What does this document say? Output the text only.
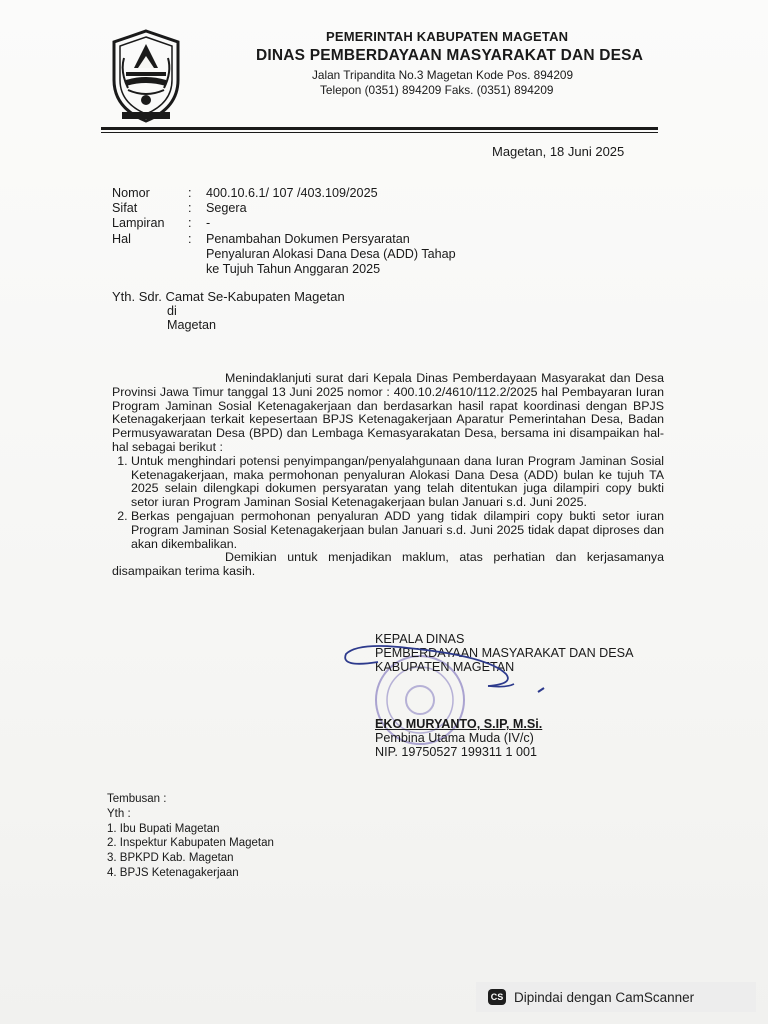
PEMERINTAH KABUPATEN MAGETAN
DINAS PEMBERDAYAAN MASYARAKAT DAN DESA
Jalan Tripandita No.3 Magetan Kode Pos. 894209
Telepon (0351) 894209 Faks. (0351) 894209
Magetan, 18 Juni 2025
Nomor	:	400.10.6.1/ 107 /403.109/2025
Sifat	:	Segera
Lampiran	:	-
Hal	:	Penambahan Dokumen Persyaratan
		Penyaluran Alokasi Dana Desa (ADD) Tahap
		ke Tujuh Tahun Anggaran 2025
Yth. Sdr. Camat Se-Kabupaten Magetan
di
Magetan

Menindaklanjuti surat dari Kepala Dinas Pemberdayaan Masyarakat dan Desa Provinsi Jawa Timur tanggal 13 Juni 2025 nomor : 400.10.2/4610/112.2/2025 hal Pembayaran Iuran Program Jaminan Sosial Ketenagakerjaan dan berdasarkan hasil rapat koordinasi dengan BPJS Ketenagakerjaan terkait kepesertaan BPJS Ketenagakerjaan Aparatur Pemerintahan Desa, Badan Permusyawaratan Desa (BPD) dan Lembaga Kemasyarakatan Desa, bersama ini disampaikan hal-hal sebagai berikut :

1. Untuk menghindari potensi penyimpangan/penyalahgunaan dana Iuran Program Jaminan Sosial Ketenagakerjaan, maka permohonan penyaluran Alokasi Dana Desa (ADD) bulan ke tujuh TA 2025 selain dilengkapi dokumen persyaratan yang telah ditentukan juga dilampiri copy bukti setor iuran Program Jaminan Sosial Ketenagakerjaan bulan Januari s.d. Juni 2025.
2. Berkas pengajuan permohonan penyaluran ADD yang tidak dilampiri copy bukti setor iuran Program Jaminan Sosial Ketenagakerjaan bulan Januari s.d. Juni 2025 tidak dapat diproses dan akan dikembalikan.

Demikian untuk menjadikan maklum, atas perhatian dan kerjasamanya disampaikan terima kasih.

KEPALA DINAS
PEMBERDAYAAN MASYARAKAT DAN DESA
KABUPATEN MAGETAN
EKO MURYANTO, S.IP, M.Si.
Pembina Utama Muda (IV/c)
NIP. 19750527 199311 1 001
Tembusan :
Yth :
1. Ibu Bupati Magetan
2. Inspektur Kabupaten Magetan
3. BPKPD Kab. Magetan
4. BPJS Ketenagakerjaan
CS Dipindai dengan CamScanner
